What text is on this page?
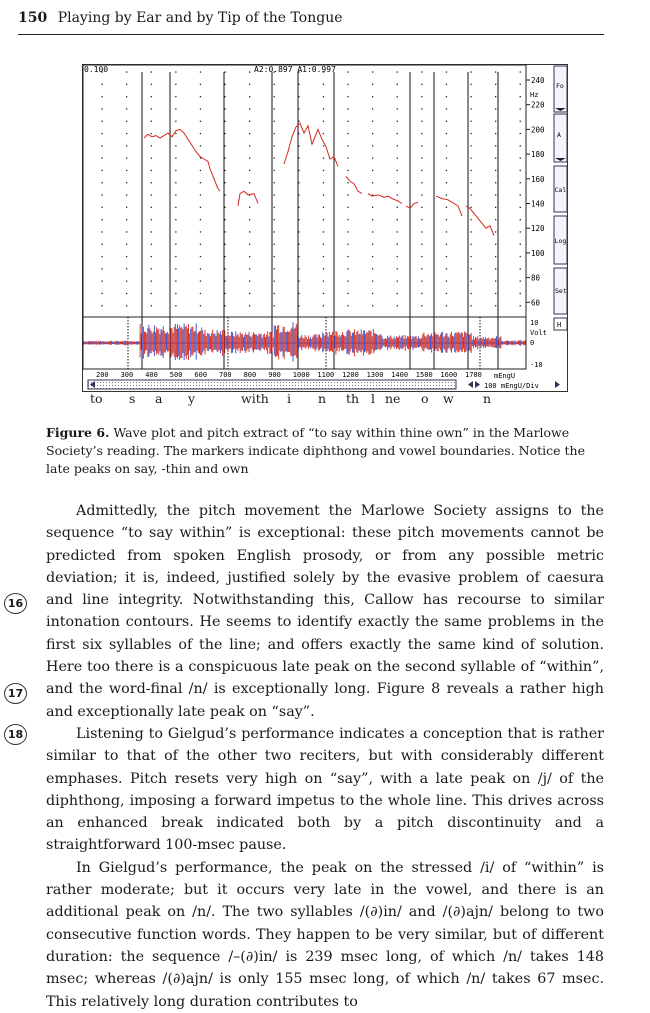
150 Playing by Ear and by Tip of the Tongue
0.100	A2:0.897 A1:0.997
240
220
200
180
160
140
120
100
80
60
Hz
10
Volt
0
-10
Fo
A
Cal
Log
Set
H
200 300 400 500 600 700 800 900 1000 1100 1200 1300 1400 1500 1600 1700 mEngU
100 mEngU/Div
to s a y	with i n th l ne o w n
Figure 6. Wave plot and pitch extract of “to say within thine own” in the Marlowe Society’s reading. The markers indicate diphthong and vowel boundaries. Notice the late peaks on say, -thin and own

Admittedly, the pitch movement the Marlowe Society assigns to the sequence “to say within” is exceptional: these pitch movements cannot be predicted from spoken English prosody, or from any possible metric deviation; it is, indeed, justified solely by the evasive problem of caesura and line integrity. Notwithstanding this, Callow has recourse to similar intonation contours. He seems to identify exactly the same problems in the first six syllables of the line; and offers exactly the same kind of solution. Here too there is a conspicuous late peak on the second syllable of “within”, and the word-final /n/ is exceptionally long. Figure 8 reveals a rather high and exceptionally late peak on “say”.

Listening to Gielgud’s performance indicates a conception that is rather similar to that of the other two reciters, but with considerably different emphases. Pitch resets very high on “say”, with a late peak on /j/ of the diphthong, imposing a forward impetus to the whole line. This drives across an enhanced break indicated both by a pitch discontinuity and a straightforward 100-msec pause.

In Gielgud’s performance, the peak on the stressed /i/ of “within” is rather moderate; but it occurs very late in the vowel, and there is an additional peak on /n/. The two syllables /(∂)in/ and /(∂)ajn/ belong to two consecutive function words. They happen to be very similar, but of different duration: the sequence /–(∂)in/ is 239 msec long, of which /n/ takes 148 msec; whereas /(∂)ajn/ is only 155 msec long, of which /n/ takes 67 msec. This relatively long duration contributes to

16
17
18
